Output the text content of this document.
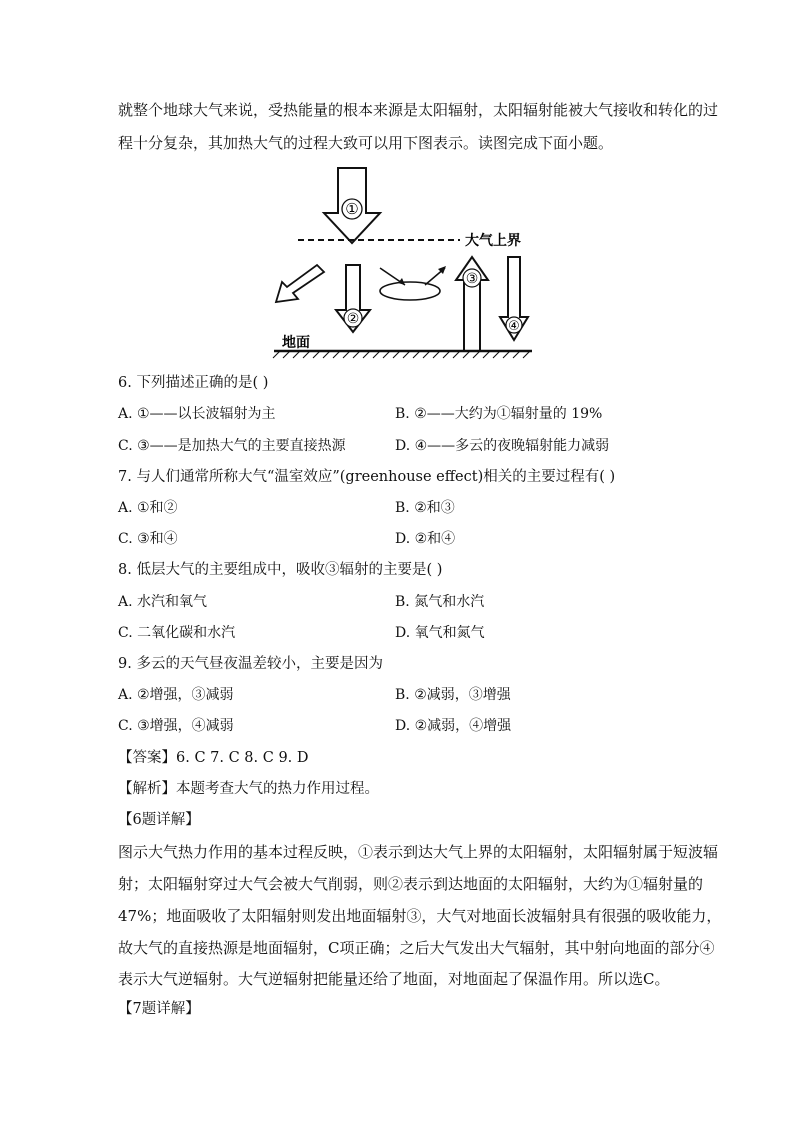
就整个地球大气来说，受热能量的根本来源是太阳辐射，太阳辐射能被大气接收和转化的过
程十分复杂，其加热大气的过程大致可以用下图表示。读图完成下面小题。
①
大气上界
②
③
④
地面
6. 下列描述正确的是( )
A. ①——以长波辐射为主	B. ②——大约为①辐射量的 19%
C. ③——是加热大气的主要直接热源	D. ④——多云的夜晚辐射能力减弱
7. 与人们通常所称大气“温室效应”(greenhouse effect)相关的主要过程有( )
A. ①和②	B. ②和③
C. ③和④	D. ②和④
8. 低层大气的主要组成中，吸收③辐射的主要是( )
A. 水汽和氧气	B. 氮气和水汽
C. 二氧化碳和水汽	D. 氧气和氮气
9. 多云的天气昼夜温差较小，主要是因为
A. ②增强，③减弱	B. ②减弱，③增强
C. ③增强，④减弱	D. ②减弱，④增强
【答案】6. C 7. C 8. C 9. D
【解析】本题考查大气的热力作用过程。
【6题详解】
图示大气热力作用的基本过程反映，①表示到达大气上界的太阳辐射，太阳辐射属于短波辐
射；太阳辐射穿过大气会被大气削弱，则②表示到达地面的太阳辐射，大约为①辐射量的
47%；地面吸收了太阳辐射则发出地面辐射③，大气对地面长波辐射具有很强的吸收能力，
故大气的直接热源是地面辐射，C项正确；之后大气发出大气辐射，其中射向地面的部分④
表示大气逆辐射。大气逆辐射把能量还给了地面，对地面起了保温作用。所以选C。
【7题详解】
